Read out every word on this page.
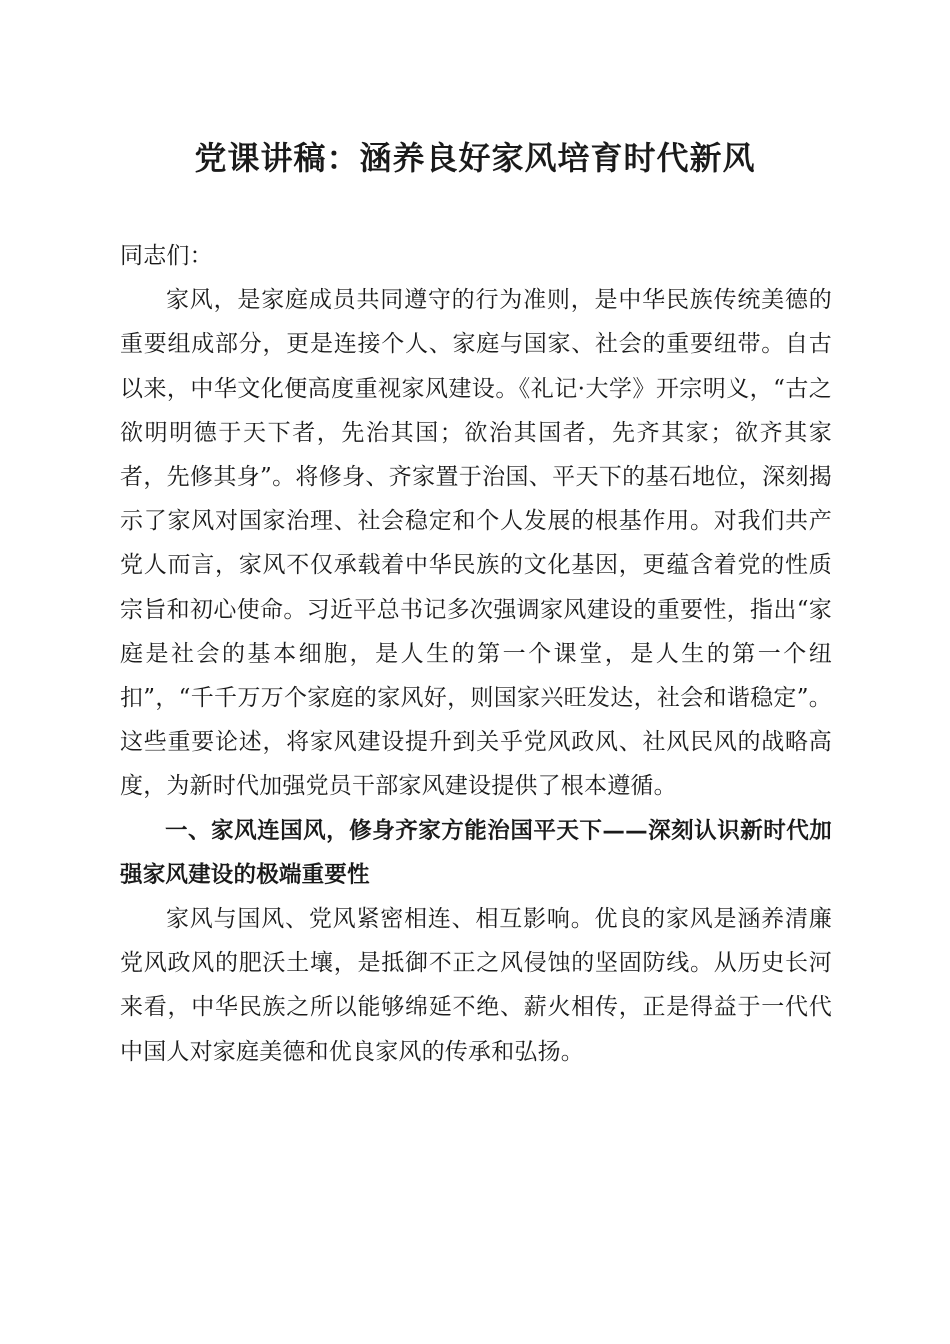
党课讲稿：涵养良好家风培育时代新风

同志们：

家风，是家庭成员共同遵守的行为准则，是中华民族传统美德的重要组成部分，更是连接个人、家庭与国家、社会的重要纽带。自古以来，中华文化便高度重视家风建设。《礼记·大学》开宗明义，“古之欲明明德于天下者，先治其国；欲治其国者，先齐其家；欲齐其家者，先修其身”。将修身、齐家置于治国、平天下的基石地位，深刻揭示了家风对国家治理、社会稳定和个人发展的根基作用。对我们共产党人而言，家风不仅承载着中华民族的文化基因，更蕴含着党的性质宗旨和初心使命。习近平总书记多次强调家风建设的重要性，指出“家庭是社会的基本细胞，是人生的第一个课堂，是人生的第一个纽扣”，“千千万万个家庭的家风好，则国家兴旺发达，社会和谐稳定”。这些重要论述，将家风建设提升到关乎党风政风、社风民风的战略高度，为新时代加强党员干部家风建设提供了根本遵循。

一、家风连国风，修身齐家方能治国平天下——深刻认识新时代加强家风建设的极端重要性

家风与国风、党风紧密相连、相互影响。优良的家风是涵养清廉党风政风的肥沃土壤，是抵御不正之风侵蚀的坚固防线。从历史长河来看，中华民族之所以能够绵延不绝、薪火相传，正是得益于一代代中国人对家庭美德和优良家风的传承和弘扬。
